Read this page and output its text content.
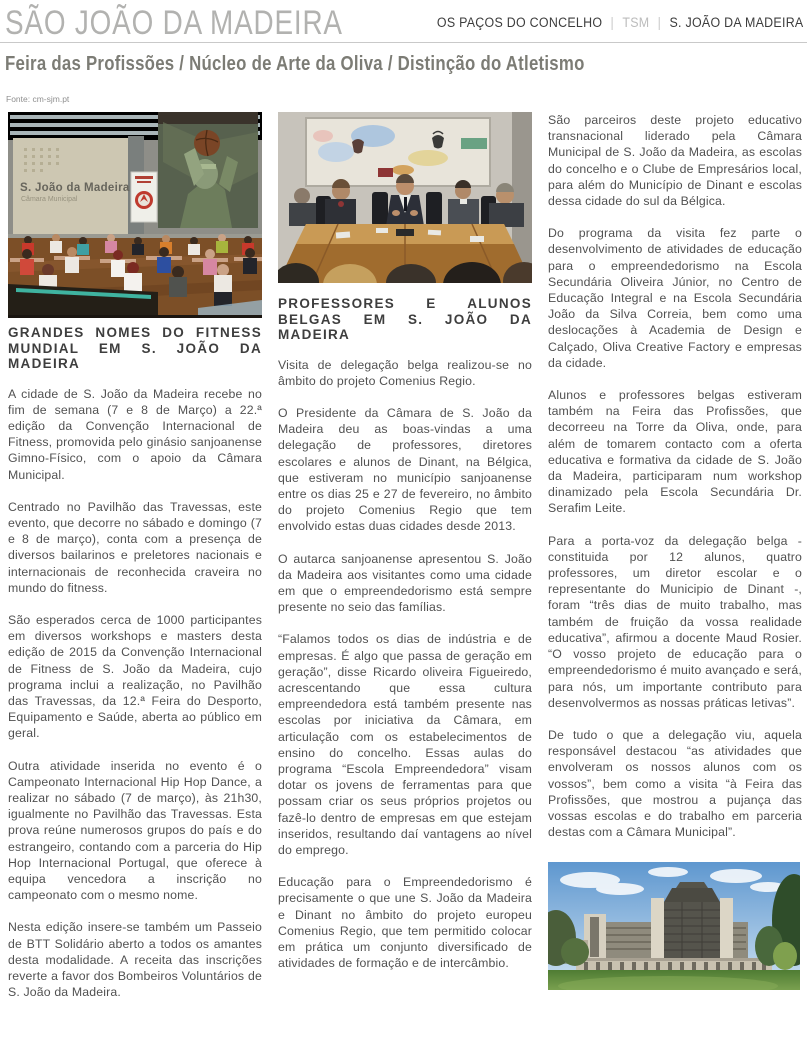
SÃO JOÃO DA MADEIRA	OS PAÇOS DO CONCELHO | TSM | S. JOÃO DA MADEIRA
Feira das Profissões / Núcleo de Arte da Oliva / Distinção do Atletismo
Fonte: cm-sjm.pt
S. João da Madeira
Câmara Municipal
GRANDES NOMES DO FITNESS MUNDIAL EM S. JOÃO DA MADEIRA

A cidade de S. João da Madeira recebe no fim de semana (7 e 8 de Março) a 22.ª edição da Convenção Internacional de Fitness, promovida pelo ginásio sanjoanense Gimno-Físico, com o apoio da Câmara Municipal.

Centrado no Pavilhão das Travessas, este evento, que decorre no sábado e domingo (7 e 8 de março), conta com a presença de diversos bailarinos e preletores nacionais e internacionais de reconhecida craveira no mundo do fitness.

São esperados cerca de 1000 participantes em diversos workshops e masters desta edição de 2015 da Convenção Internacional de Fitness de S. João da Madeira, cujo programa inclui a realização, no Pavilhão das Travessas, da 12.ª Feira do Desporto, Equipamento e Saúde, aberta ao público em geral.

Outra atividade inserida no evento é o Campeonato Internacional Hip Hop Dance, a realizar no sábado (7 de março), às 21h30, igualmente no Pavilhão das Travessas. Esta prova reúne numerosos grupos do país e do estrangeiro, contando com a parceria do Hip Hop Internacional Portugal, que oferece à equipa vencedora a inscrição no campeonato com o mesmo nome.

Nesta edição insere-se também um Passeio de BTT Solidário aberto a todos os amantes desta modalidade. A receita das inscrições reverte a favor dos Bombeiros Voluntários de S. João da Madeira.

PROFESSORES E ALUNOS BELGAS EM S. JOÃO DA MADEIRA

Visita de delegação belga realizou-se no âmbito do projeto Comenius Regio.

O Presidente da Câmara de S. João da Madeira deu as boas-vindas a uma delegação de professores, diretores escolares e alunos de Dinant, na Bélgica, que estiveram no município sanjoanense entre os dias 25 e 27 de fevereiro, no âmbito do projeto Comenius Regio que tem envolvido estas duas cidades desde 2013.

O autarca sanjoanense apresentou S. João da Madeira aos visitantes como uma cidade em que o empreendedorismo está sempre presente no seio das famílias.

“Falamos todos os dias de indústria e de empresas. É algo que passa de geração em geração”, disse Ricardo oliveira Figueiredo, acrescentando que essa cultura empreendedora está também presente nas escolas por iniciativa da Câmara, em articulação com os estabelecimentos de ensino do concelho. Essas aulas do programa “Escola Empreendedora” visam dotar os jovens de ferramentas para que possam criar os seus próprios projetos ou fazê-lo dentro de empresas em que estejam inseridos, resultando daí vantagens ao nível do emprego.

Educação para o Empreendedorismo é precisamente o que une S. João da Madeira e Dinant no âmbito do projeto europeu Comenius Regio, que tem permitido colocar em prática um conjunto diversificado de atividades de formação e de intercâmbio.

São parceiros deste projeto educativo transnacional liderado pela Câmara Municipal de S. João da Madeira, as escolas do concelho e o Clube de Empresários local, para além do Município de Dinant e escolas dessa cidade do sul da Bélgica.

Do programa da visita fez parte o desenvolvimento de atividades de educação para o empreendedorismo na Escola Secundária Oliveira Júnior, no Centro de Educação Integral e na Escola Secundária João da Silva Correia, bem como uma deslocações à Academia de Design e Calçado, Oliva Creative Factory e empresas da cidade.

Alunos e professores belgas estiveram também na Feira das Profissões, que decorreeu na Torre da Oliva, onde, para além de tomarem contacto com a oferta educativa e formativa da cidade de S. João da Madeira, participaram num workshop dinamizado pela Escola Secundária Dr. Serafim Leite.

Para a porta-voz da delegação belga - constituida por 12 alunos, quatro professores, um diretor escolar e o representante do Municipio de Dinant -, foram “três dias de muito trabalho, mas também de fruição da vossa realidade educativa”, afirmou a docente Maud Rosier. “O vosso projeto de educação para o empreendedorismo é muito avançado e será, para nós, um importante contributo para desenvolvermos as nossas práticas letivas”.

De tudo o que a delegação viu, aquela responsável destacou “as atividades que envolveram os nossos alunos com os vossos”, bem como a visita “à Feira das Profissões, que mostrou a pujança das vossas escolas e do trabalho em parceria destas com a Câmara Municipal”.
